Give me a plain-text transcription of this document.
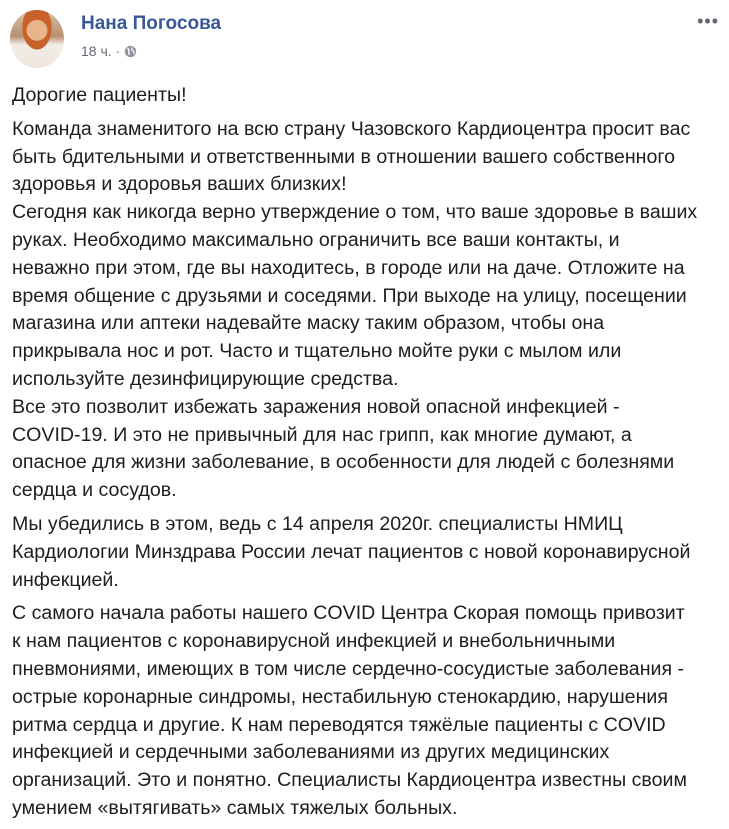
Нана Погосова
18 ч. ·
•••
Дорогие пациенты!
Команда знаменитого на всю страну Чазовского Кардиоцентра просит вас
быть бдительными и ответственными в отношении вашего собственного
здоровья и здоровья ваших близких!
Сегодня как никогда верно утверждение о том, что ваше здоровье в ваших
руках. Необходимо максимально ограничить все ваши контакты, и
неважно при этом, где вы находитесь, в городе или на даче. Отложите на
время общение с друзьями и соседями. При выходе на улицу, посещении
магазина или аптеки надевайте маску таким образом, чтобы она
прикрывала нос и рот. Часто и тщательно мойте руки с мылом или
используйте дезинфицирующие средства.
Все это позволит избежать заражения новой опасной инфекцией -
COVID-19. И это не привычный для нас грипп, как многие думают, а
опасное для жизни заболевание, в особенности для людей с болезнями
сердца и сосудов.
Мы убедились в этом, ведь с 14 апреля 2020г. специалисты НМИЦ
Кардиологии Минздрава России лечат пациентов с новой коронавирусной
инфекцией.
С самого начала работы нашего COVID Центра Скорая помощь привозит
к нам пациентов с коронавирусной инфекцией и внебольничными
пневмониями, имеющих в том числе сердечно-сосудистые заболевания -
острые коронарные синдромы, нестабильную стенокардию, нарушения
ритма сердца и другие. К нам переводятся тяжёлые пациенты с COVID
инфекцией и сердечными заболеваниями из других медицинских
организаций. Это и понятно. Специалисты Кардиоцентра известны своим
умением «вытягивать» самых тяжелых больных.
